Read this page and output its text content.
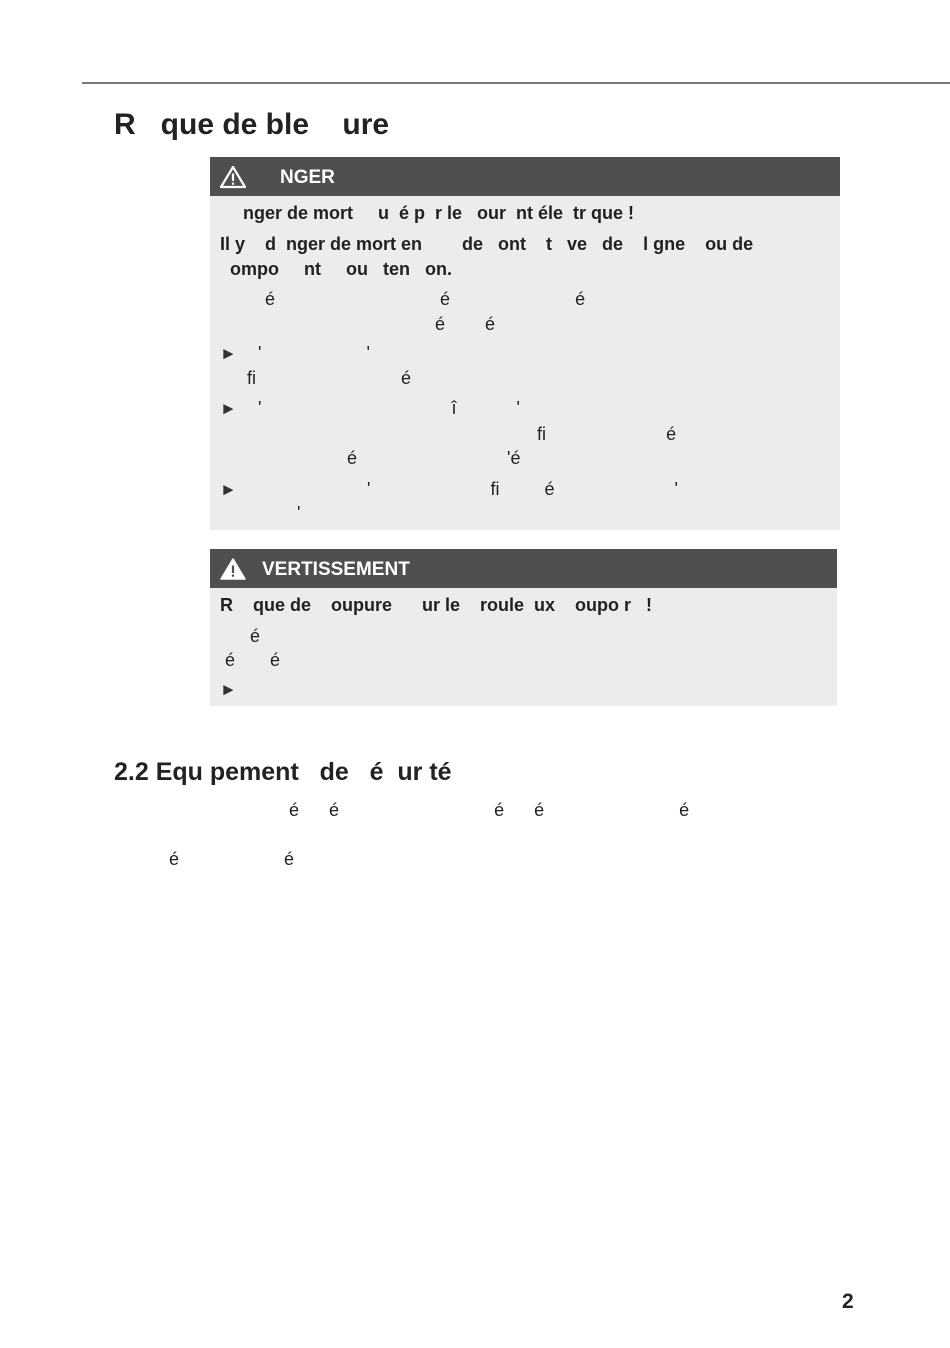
R   que de ble    ure
NGER
nger de mort     u  é p  r le   our  nt éle  tr que !
Il y    d  nger de mort en        de   ont    t   ve   de    l gne    ou de
ompo     nt     ou   ten   on.
é                                 é                         é
é        é
► '                     '
fi                             é
► '                                      î            '
fi                        é
é                              'é
► '                        fi         é                        '
'
VERTISSEMENT
R    que de    oupure      ur le    roule  ux    oupo r   !
é
é       é
►
2.2 Equ pement   de   é  ur té
é      é                               é      é                           é
é                     é
2
